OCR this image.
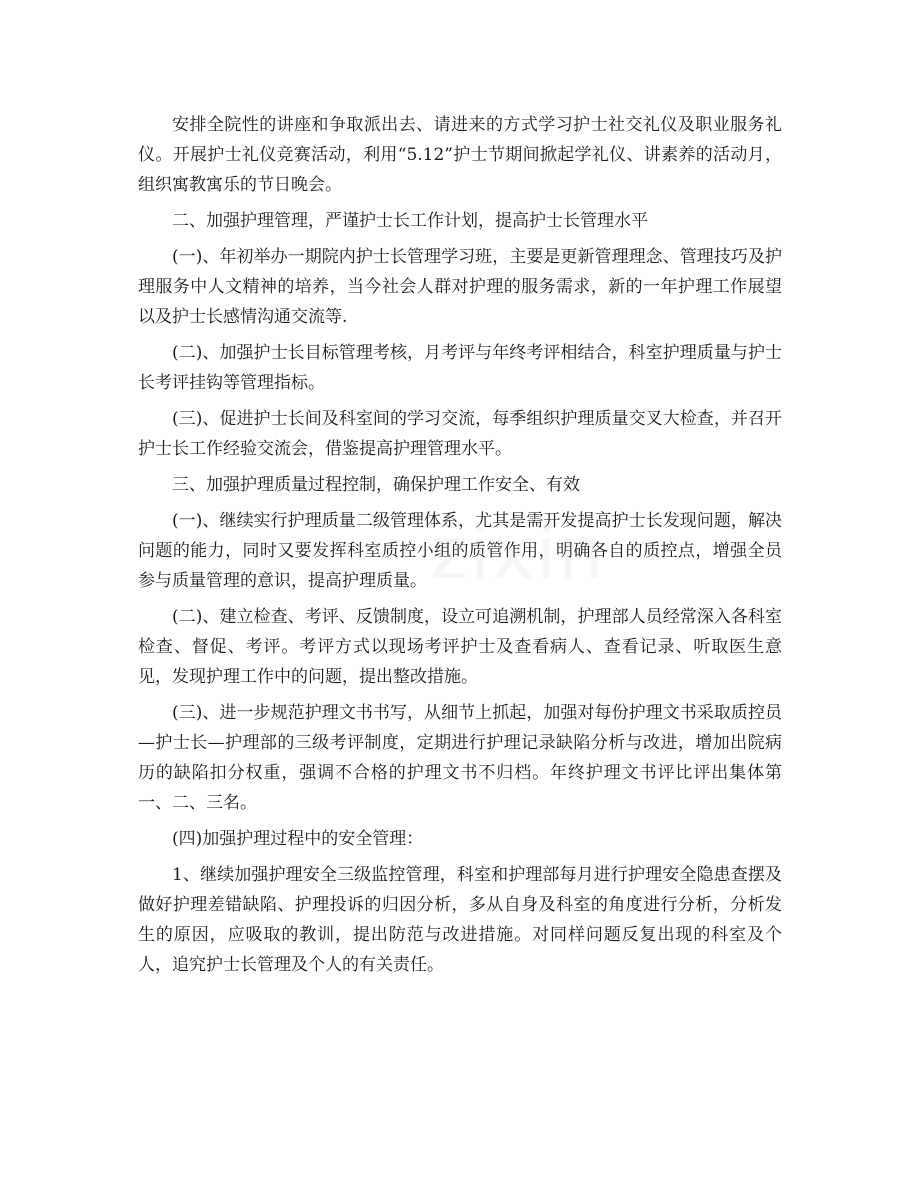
安排全院性的讲座和争取派出去、请进来的方式学习护士社交礼仪及职业服务礼仪。开展护士礼仪竞赛活动，利用“5.12”护士节期间掀起学礼仪、讲素养的活动月，组织寓教寓乐的节日晚会。

二、加强护理管理，严谨护士长工作计划，提高护士长管理水平

(一)、年初举办一期院内护士长管理学习班，主要是更新管理理念、管理技巧及护理服务中人文精神的培养，当今社会人群对护理的服务需求，新的一年护理工作展望以及护士长感情沟通交流等.

(二)、加强护士长目标管理考核，月考评与年终考评相结合，科室护理质量与护士长考评挂钩等管理指标。

(三)、促进护士长间及科室间的学习交流，每季组织护理质量交叉大检查，并召开护士长工作经验交流会，借鉴提高护理管理水平。

三、加强护理质量过程控制，确保护理工作安全、有效

(一)、继续实行护理质量二级管理体系，尤其是需开发提高护士长发现问题，解决问题的能力，同时又要发挥科室质控小组的质管作用，明确各自的质控点，增强全员参与质量管理的意识，提高护理质量。

(二)、建立检查、考评、反馈制度，设立可追溯机制，护理部人员经常深入各科室检查、督促、考评。考评方式以现场考评护士及查看病人、查看记录、听取医生意见，发现护理工作中的问题，提出整改措施。

(三)、进一步规范护理文书书写，从细节上抓起，加强对每份护理文书采取质控员—护士长—护理部的三级考评制度，定期进行护理记录缺陷分析与改进，增加出院病历的缺陷扣分权重，强调不合格的护理文书不归档。年终护理文书评比评出集体第一、二、三名。

(四)加强护理过程中的安全管理：

1、继续加强护理安全三级监控管理，科室和护理部每月进行护理安全隐患查摆及做好护理差错缺陷、护理投诉的归因分析，多从自身及科室的角度进行分析，分析发生的原因，应吸取的教训，提出防范与改进措施。对同样问题反复出现的科室及个人，追究护士长管理及个人的有关责任。

zixin
